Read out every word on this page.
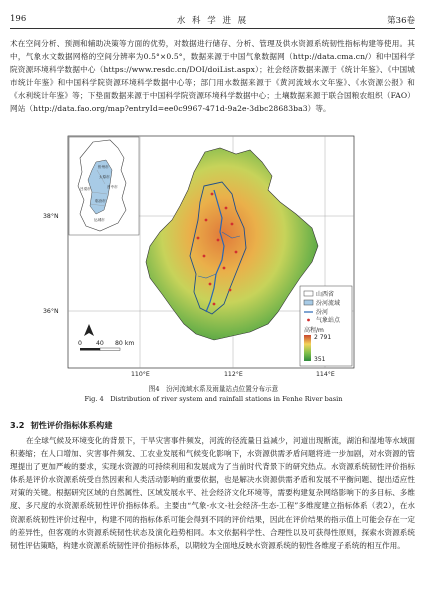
196	水 科 学 进 展	第36卷
术在空间分析、预测和辅助决策等方面的优势，对数据进行储存、分析、管理及供水资源系统韧性指标构建等使用。其中，气象水文数据网格的空间分辨率为0.5°×0.5°，数据来源于中国气象数据网（http://data.cma.cn/）和中国科学院资源环境科学数据中心（https://www.resdc.cn/DOI/doiList.aspx）；社会经济数据来源于《统计年鉴》、《中国城市统计年鉴》和中国科学院资源环境科学数据中心等；部门用水数据来源于《黄河流域水文年鉴》、《水资源公报》和《水利统计年鉴》等；下垫面数据来源于中国科学院资源环境科学数据中心；土壤数据来源于联合国粮农组织（FAO）网站（http://data.fao.org/map?entryId=ee0c9967-471d-9a2e-3dbc28683ba3）等。
忻州市
太原市
晋中市
吕梁市
临汾市
运城市
38°N
36°N
110°E	112°E	114°E
0 40 80 km
山西省
汾河流域
汾河
气象站点
高程/m
2 791
351
图4　汾河流域水系及雨量站点位置分布示意
Fig. 4　Distribution of river system and rainfall stations in Fenhe River basin
3.2 韧性评价指标体系构建
在全球气候及环境变化的背景下，干旱灾害事件频发，河流的径流量日益减少，河道出现断流，湖泊和湿地等水域面积萎缩；在人口增加、灾害事件频发、工农业发展和气候变化影响下，水资源供需矛盾问题将进一步加剧，对水资源的管理提出了更加严峻的要求，实现水资源的可持续利用和发展成为了当前时代背景下的研究热点。水资源系统韧性评价指标体系是评价水资源系统受自然因素和人类活动影响的重要依据，也是解决水资源供需矛盾和发展不平衡问题、提出适应性对策的关键。根据研究区域的自然属性、区域发展水平、社会经济文化环境等，需要构建复杂网络影响下的多目标、多维度、多尺度的水资源系统韧性评价指标体系。主要由“气象-水文-社会经济-生态-工程”多维度建立指标体系（表2），在水资源系统韧性评价过程中，构建不同的指标体系可能会得到不同的评价结果，因此在评价结果的指示值上可能会存在一定的差异性，但客观的水资源系统韧性状态及演化趋势相同。本文依据科学性、合理性以及可获得性原则，探索水资源系统韧性评估策略，构建水资源系统韧性评价指标体系，以期较为全面地反映水资源系统的韧性各维度子系统的相互作用。
